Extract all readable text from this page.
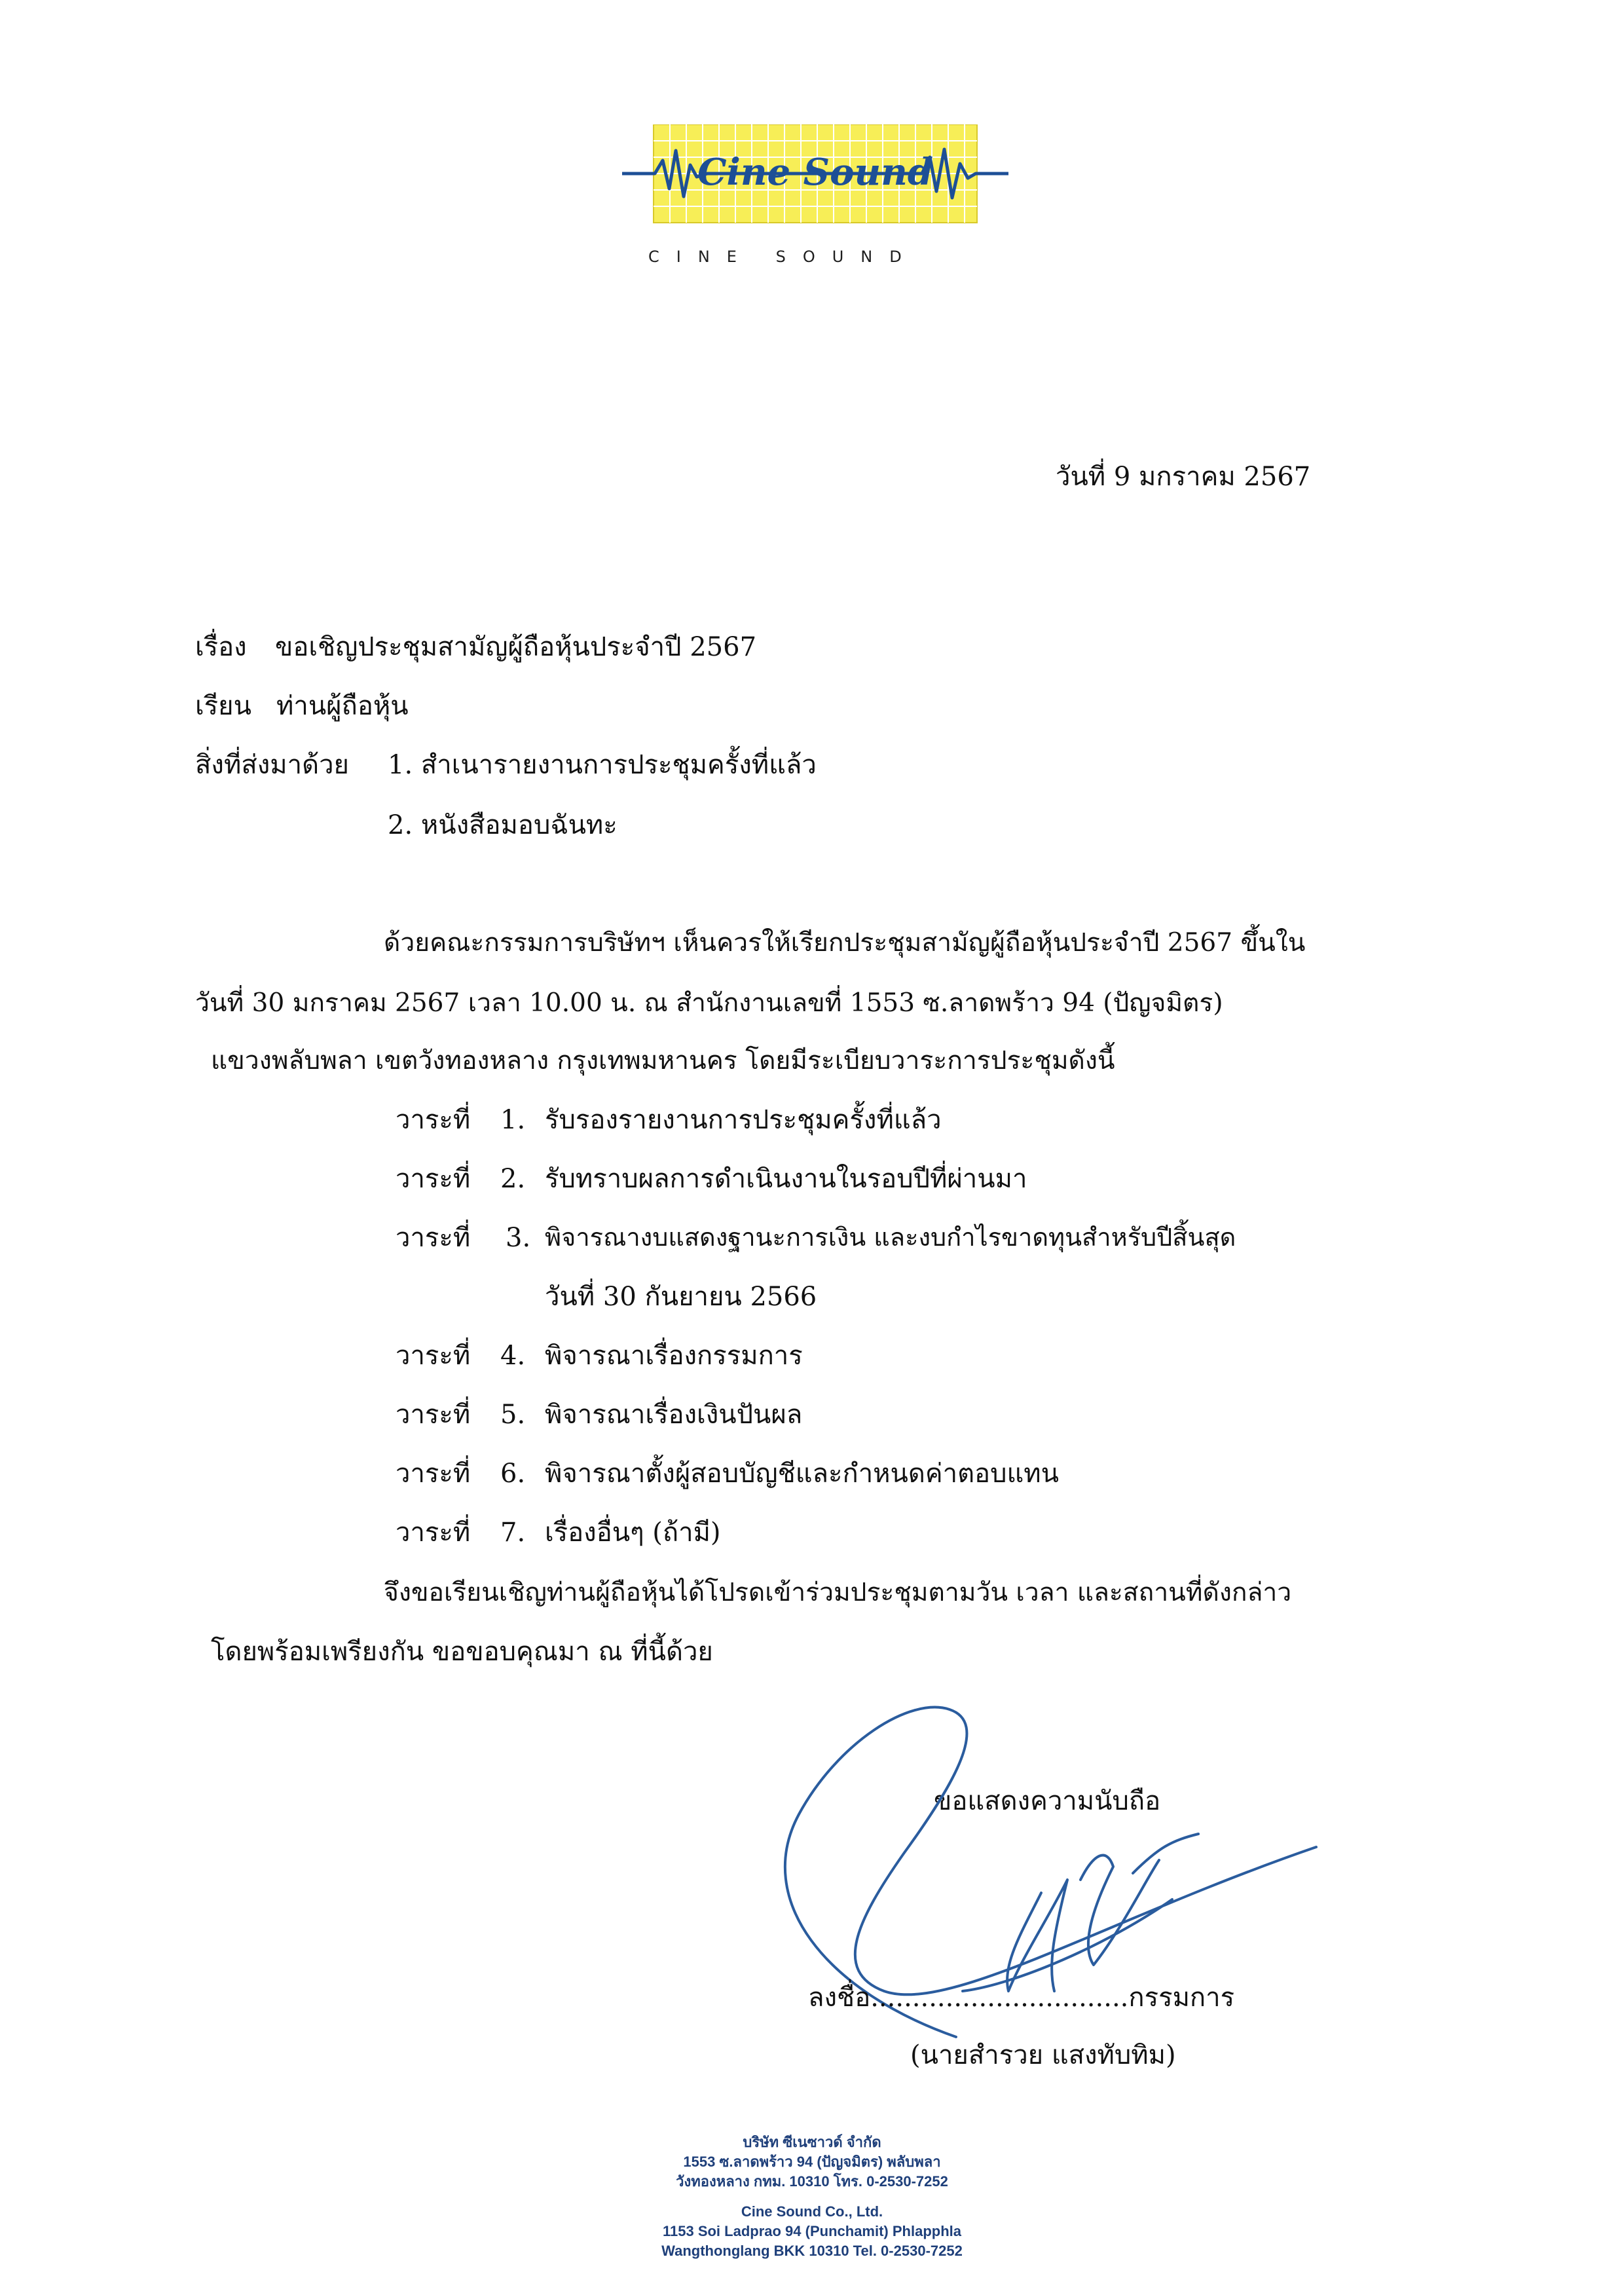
Cine Sound
CINE SOUND
วันที่ 9 มกราคม 2567
เรื่อง ขอเชิญประชุมสามัญผู้ถือหุ้นประจำปี 2567
เรียน ท่านผู้ถือหุ้น
สิ่งที่ส่งมาด้วย 1. สำเนารายงานการประชุมครั้งที่แล้ว
2. หนังสือมอบฉันทะ
ด้วยคณะกรรมการบริษัทฯ เห็นควรให้เรียกประชุมสามัญผู้ถือหุ้นประจำปี 2567 ขึ้นใน
วันที่ 30 มกราคม 2567 เวลา 10.00 น. ณ สำนักงานเลขที่ 1553 ซ.ลาดพร้าว 94 (ปัญจมิตร)
แขวงพลับพลา เขตวังทองหลาง กรุงเทพมหานคร โดยมีระเบียบวาระการประชุมดังนี้
วาระที่ 1. รับรองรายงานการประชุมครั้งที่แล้ว
วาระที่ 2. รับทราบผลการดำเนินงานในรอบปีที่ผ่านมา
วาระที่ 3. พิจารณางบแสดงฐานะการเงิน และงบกำไรขาดทุนสำหรับปีสิ้นสุด
วันที่ 30 กันยายน 2566
วาระที่ 4. พิจารณาเรื่องกรรมการ
วาระที่ 5. พิจารณาเรื่องเงินปันผล
วาระที่ 6. พิจารณาตั้งผู้สอบบัญชีและกำหนดค่าตอบแทน
วาระที่ 7. เรื่องอื่นๆ (ถ้ามี)
จึงขอเรียนเชิญท่านผู้ถือหุ้นได้โปรดเข้าร่วมประชุมตามวัน เวลา และสถานที่ดังกล่าว
โดยพร้อมเพรียงกัน ขอขอบคุณมา ณ ที่นี้ด้วย
ขอแสดงความนับถือ
ลงชื่อ...............................กรรมการ
(นายสำรวย แสงทับทิม)
บริษัท ซีเนซาวด์ จำกัด
1553 ซ.ลาดพร้าว 94 (ปัญจมิตร) พลับพลา
วังทองหลาง กทม. 10310 โทร. 0-2530-7252
Cine Sound Co., Ltd.
1153 Soi Ladprao 94 (Punchamit) Phlapphla
Wangthonglang BKK 10310 Tel. 0-2530-7252
